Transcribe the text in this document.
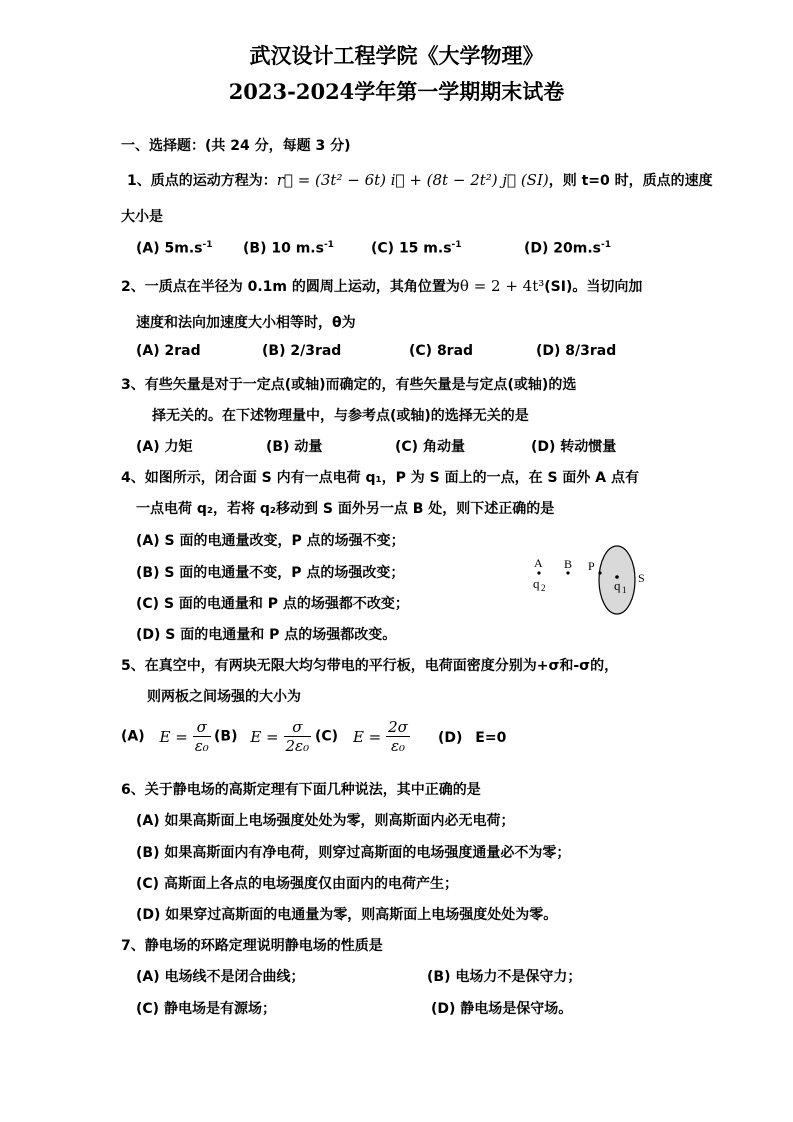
武汉设计工程学院《大学物理》
2023-2024学年第一学期期末试卷
一、选择题：(共 24 分，每题 3 分)
1、质点的运动方程为：r⃗ = (3t² − 6t) i⃗ + (8t − 2t²) j⃗ (SI)，则 t=0 时，质点的速度
大小是
(A) $5m.s^{-1}$ (B) 10 $m.s^{-1}$	(C) 15 $m.s^{-1}$	(D) $20m.s^{-1}$
2、一质点在半径为 0.1m 的圆周上运动，其角位置为θ = 2 + 4t³(SI)。当切向加
速度和法向加速度大小相等时，θ为
(A) 2rad	(B) 2/3rad	(C) 8rad	(D) 8/3rad
3、有些矢量是对于一定点(或轴)而确定的，有些矢量是与定点(或轴)的选
择无关的。在下述物理量中，与参考点(或轴)的选择无关的是
(A) 力矩	(B) 动量	(C) 角动量	(D) 转动惯量
4、如图所示，闭合面 S 内有一点电荷 q₁，P 为 S 面上的一点，在 S 面外 A 点有
一点电荷 q₂，若将 q₂移动到 S 面外另一点 B 处，则下述正确的是
(A) S 面的电通量改变，P 点的场强不变；
(B) S 面的电通量不变，P 点的场强改变；
(C) S 面的电通量和 P 点的场强都不改变；
(D) S 面的电通量和 P 点的场强都改变。
A
q 2
B P
q 1
S
5、在真空中，有两块无限大均匀带电的平行板，电荷面密度分别为+σ和-σ的，
则两板之间场强的大小为
(A) $E = \frac{\sigma}{\text{ε₀}} (B) E = \frac{\sigma}{\text{2ε₀}} (C) E = \frac{2\sigma}{\text{ε₀}} (D)$ E=0
6、关于静电场的高斯定理有下面几种说法，其中正确的是
(A) 如果高斯面上电场强度处处为零，则高斯面内必无电荷；
(B) 如果高斯面内有净电荷，则穿过高斯面的电场强度通量必不为零；
(C) 高斯面上各点的电场强度仅由面内的电荷产生；
(D) 如果穿过高斯面的电通量为零，则高斯面上电场强度处处为零。
7、静电场的环路定理说明静电场的性质是
(A) 电场线不是闭合曲线；	(B) 电场力不是保守力；
(C) 静电场是有源场；	(D) 静电场是保守场。
